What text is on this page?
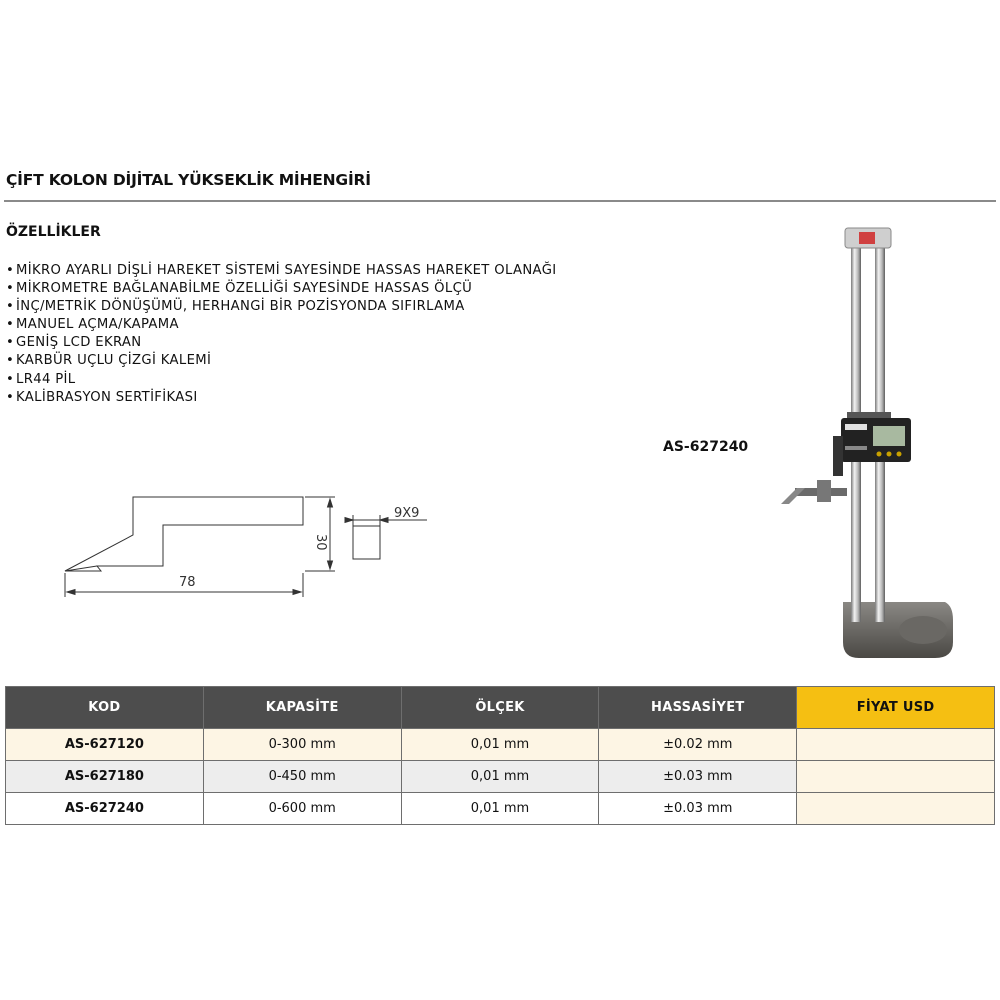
ÇİFT KOLON DİJİTAL YÜKSEKLİK MİHENGİRİ
ÖZELLİKLER
• MİKRO AYARLI DİŞLİ HAREKET SİSTEMİ SAYESİNDE HASSAS HAREKET OLANAĞI
• MİKROMETRE BAĞLANABİLME ÖZELLİĞİ SAYESİNDE HASSAS ÖLÇÜ
• İNÇ/METRİK DÖNÜŞÜMÜ, HERHANGİ BİR POZİSYONDA SIFIRLAMA
• MANUEL AÇMA/KAPAMA
• GENİŞ LCD EKRAN
• KARBÜR UÇLU ÇİZGİ KALEMİ
• LR44 PİL
• KALİBRASYON SERTİFİKASI
AS-627240
78
30
9X9
KOD	KAPASİTE	ÖLÇEK	HASSASİYET	FİYAT USD
AS-627120	0-300 mm	0,01 mm	±0.02 mm	
AS-627180	0-450 mm	0,01 mm	±0.03 mm	
AS-627240	0-600 mm	0,01 mm	±0.03 mm	
